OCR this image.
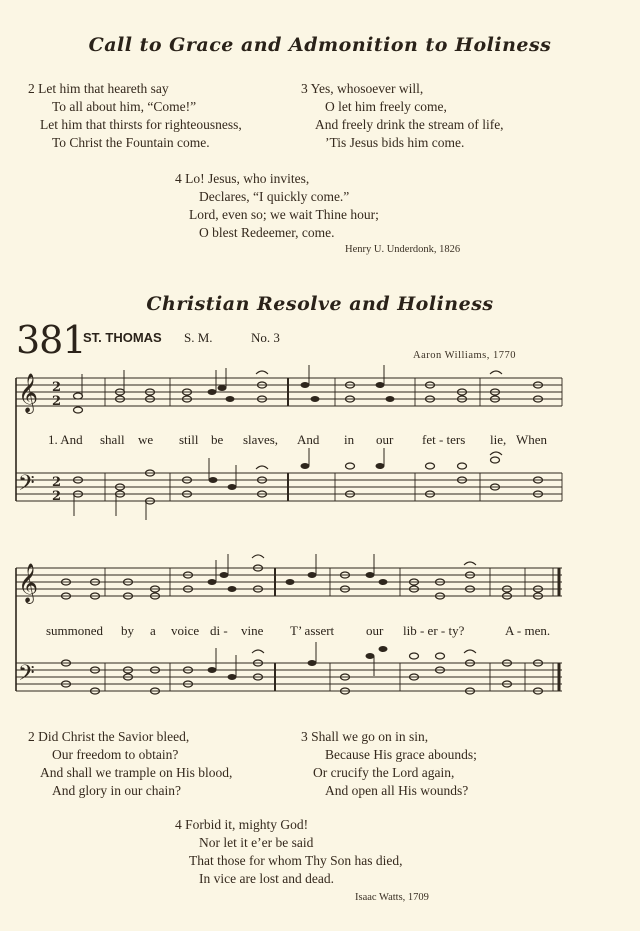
Call to Grace and Admonition to Holiness
2 Let him that heareth say
To all about him, “Come!”
Let him that thirsts for righteousness,
To Christ the Fountain come.
3 Yes, whosoever will,
O let him freely come,
And freely drink the stream of life,
’Tis Jesus bids him come.
4 Lo! Jesus, who invites,
Declares, “I quickly come.”
Lord, even so; we wait Thine hour;
O blest Redeemer, come.
Henry U. Underdonk, 1826
Christian Resolve and Holiness
381
ST. THOMAS S. M.	No. 3
Aaron Williams, 1770
𝄞
𝄢
2
2
2
2
1. And shall we still be slaves, And in our fet - ters lie, When
𝄞
𝄢
summoned by a voice di - vine T’ assert our lib - er - ty?	A - men.
2 Did Christ the Savior bleed,
Our freedom to obtain?
And shall we trample on His blood,
And glory in our chain?
3 Shall we go on in sin,
Because His grace abounds;
Or crucify the Lord again,
And open all His wounds?
4 Forbid it, mighty God!
Nor let it e’er be said
That those for whom Thy Son has died,
In vice are lost and dead.
Isaac Watts, 1709
